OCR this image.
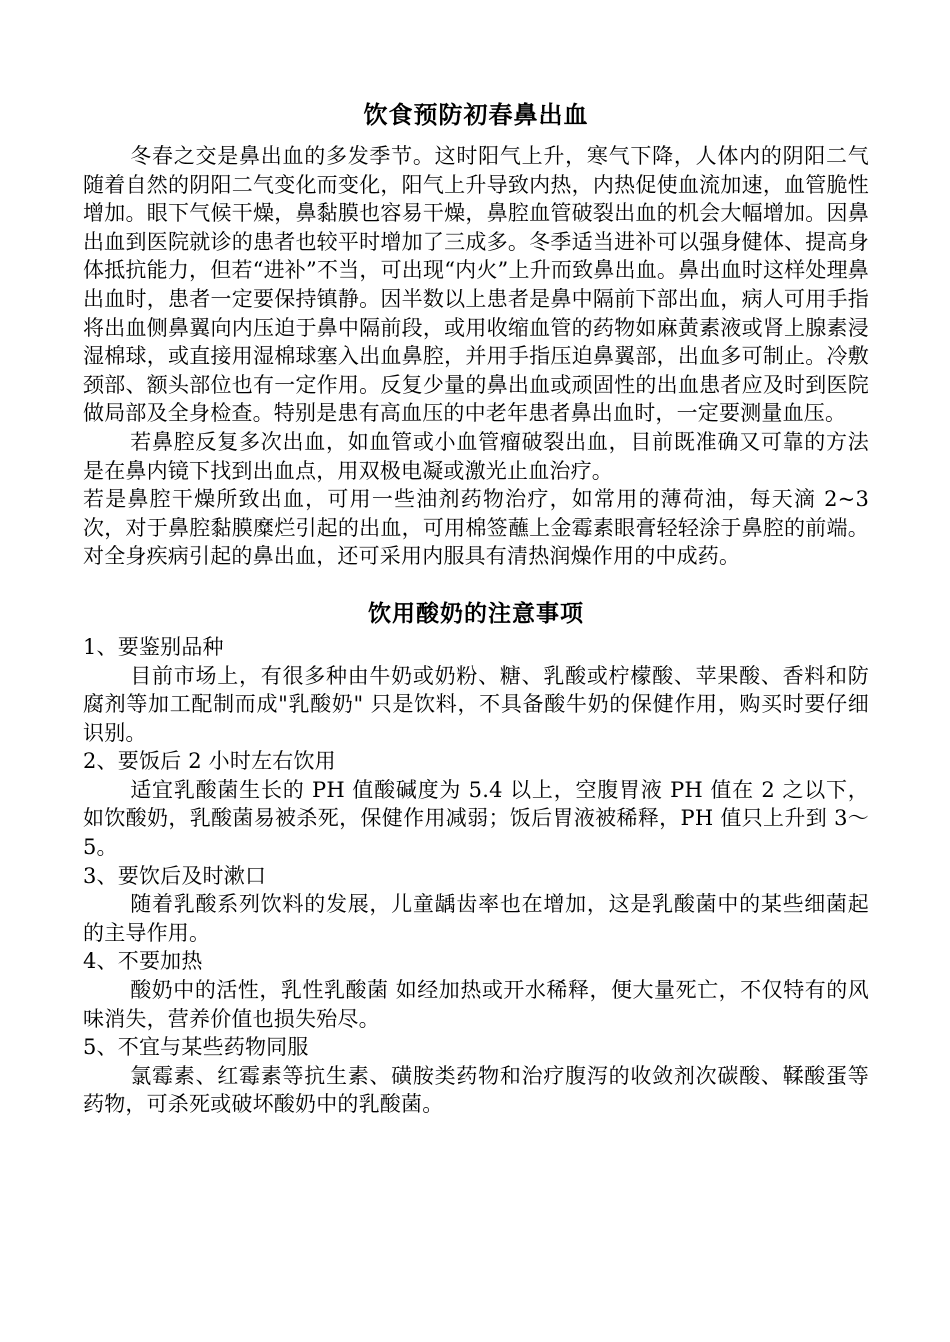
饮食预防初春鼻出血

冬春之交是鼻出血的多发季节。这时阳气上升，寒气下降，人体内的阴阳二气随着自然的阴阳二气变化而变化，阳气上升导致内热，内热促使血流加速，血管脆性增加。眼下气候干燥，鼻黏膜也容易干燥，鼻腔血管破裂出血的机会大幅增加。因鼻出血到医院就诊的患者也较平时增加了三成多。冬季适当进补可以强身健体、提高身体抵抗能力，但若“进补”不当，可出现“内火”上升而致鼻出血。鼻出血时这样处理鼻出血时，患者一定要保持镇静。因半数以上患者是鼻中隔前下部出血，病人可用手指将出血侧鼻翼向内压迫于鼻中隔前段，或用收缩血管的药物如麻黄素液或肾上腺素浸湿棉球，或直接用湿棉球塞入出血鼻腔，并用手指压迫鼻翼部，出血多可制止。冷敷颈部、额头部位也有一定作用。反复少量的鼻出血或顽固性的出血患者应及时到医院做局部及全身检查。特别是患有高血压的中老年患者鼻出血时，一定要测量血压。

若鼻腔反复多次出血，如血管或小血管瘤破裂出血，目前既准确又可靠的方法是在鼻内镜下找到出血点，用双极电凝或激光止血治疗。

若是鼻腔干燥所致出血，可用一些油剂药物治疗，如常用的薄荷油，每天滴 2~3 次，对于鼻腔黏膜糜烂引起的出血，可用棉签蘸上金霉素眼膏轻轻涂于鼻腔的前端。对全身疾病引起的鼻出血，还可采用内服具有清热润燥作用的中成药。

饮用酸奶的注意事项

1、要鉴别品种

目前市场上，有很多种由牛奶或奶粉、糖、乳酸或柠檬酸、苹果酸、香料和防腐剂等加工配制而成"乳酸奶" 只是饮料，不具备酸牛奶的保健作用，购买时要仔细识别。

2、要饭后 2 小时左右饮用

适宜乳酸菌生长的 PH 值酸碱度为 5.4 以上，空腹胃液 PH 值在 2 之以下，如饮酸奶，乳酸菌易被杀死，保健作用减弱；饭后胃液被稀释，PH 值只上升到 3～5。

3、要饮后及时漱口

随着乳酸系列饮料的发展，儿童龋齿率也在增加，这是乳酸菌中的某些细菌起的主导作用。

4、不要加热

酸奶中的活性，乳性乳酸菌 如经加热或开水稀释，便大量死亡，不仅特有的风味消失，营养价值也损失殆尽。

5、不宜与某些药物同服

氯霉素、红霉素等抗生素、磺胺类药物和治疗腹泻的收敛剂次碳酸、鞣酸蛋等药物，可杀死或破坏酸奶中的乳酸菌。
